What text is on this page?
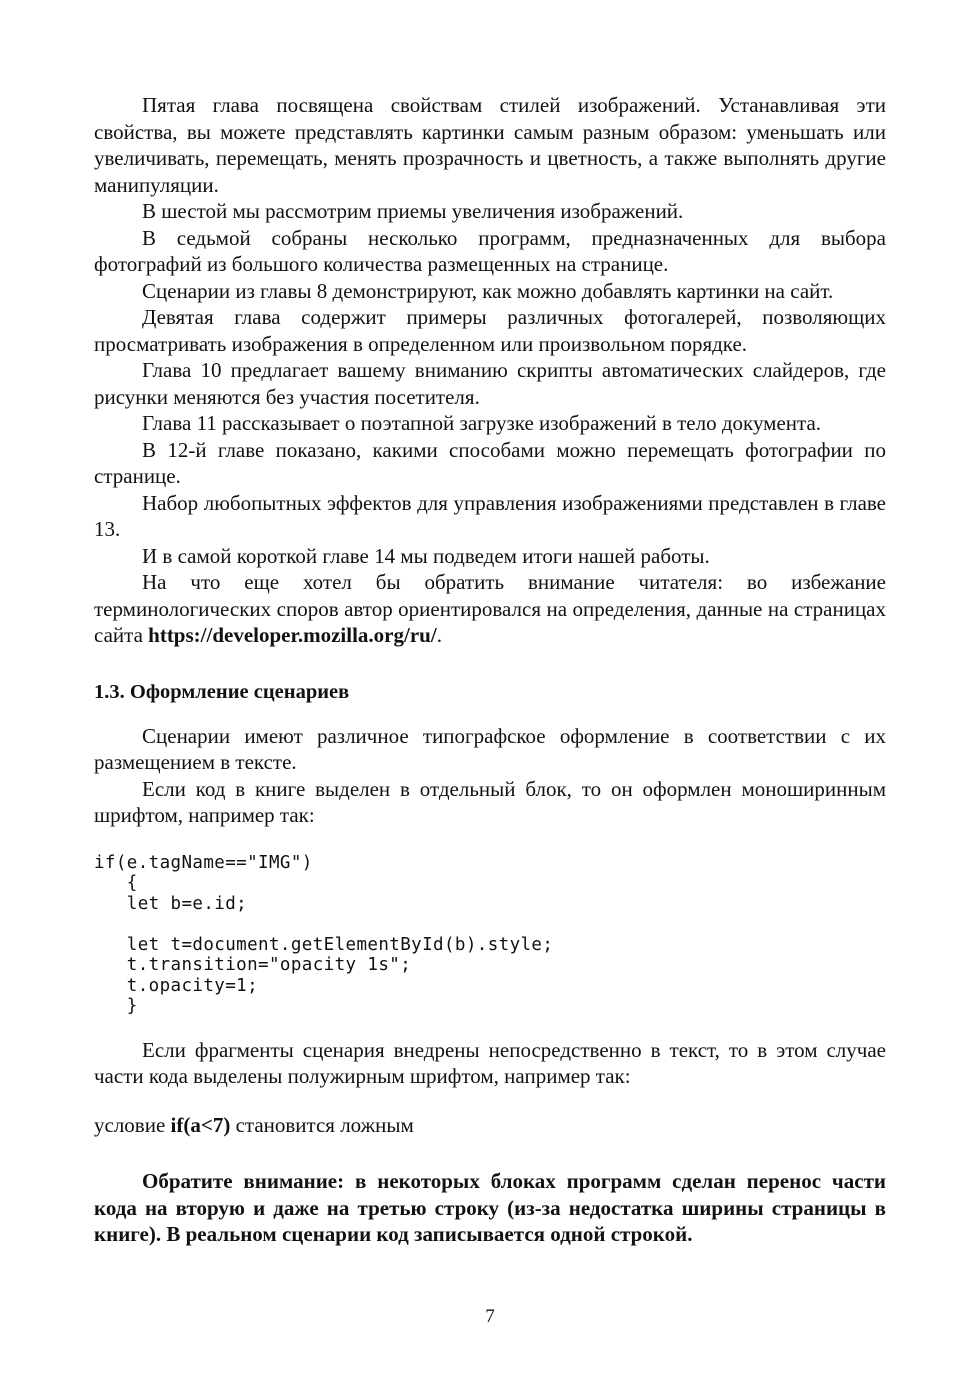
Пятая глава посвящена свойствам стилей изображений. Устанавливая эти свойства, вы можете представлять картинки самым разным образом: уменьшать или увеличивать, перемещать, менять прозрачность и цветность, а также выполнять другие манипуляции.

В шестой мы рассмотрим приемы увеличения изображений.

В седьмой собраны несколько программ, предназначенных для выбора фотографий из большого количества размещенных на странице.

Сценарии из главы 8 демонстрируют, как можно добавлять картинки на сайт.

Девятая глава содержит примеры различных фотогалерей, позволяющих просматривать изображения в определенном или произвольном порядке.

Глава 10 предлагает вашему вниманию скрипты автоматических слайдеров, где рисунки меняются без участия посетителя.

Глава 11 рассказывает о поэтапной загрузке изображений в тело документа.

В 12-й главе показано, какими способами можно перемещать фотографии по странице.

Набор любопытных эффектов для управления изображениями представлен в главе 13.

И в самой короткой главе 14 мы подведем итоги нашей работы.

На что еще хотел бы обратить внимание читателя: во избежание терминологических споров автор ориентировался на определения, данные на страницах сайта https://developer.mozilla.org/ru/.

1.3. Оформление сценариев

Сценарии имеют различное типографское оформление в соответствии с их размещением в тексте.

Если код в книге выделен в отдельный блок, то он оформлен моноширинным шрифтом, например так:

if(e.tagName=="IMG")
{
let b=e.id;

let t=document.getElementById(b).style;
t.transition="opacity 1s";
t.opacity=1;
}

Если фрагменты сценария внедрены непосредственно в текст, то в этом случае части кода выделены полужирным шрифтом, например так:

условие if(a<7) становится ложным

Обратите внимание: в некоторых блоках программ сделан перенос части кода на вторую и даже на третью строку (из-за недостатка ширины страницы в книге). В реальном сценарии код записывается одной строкой.

7
